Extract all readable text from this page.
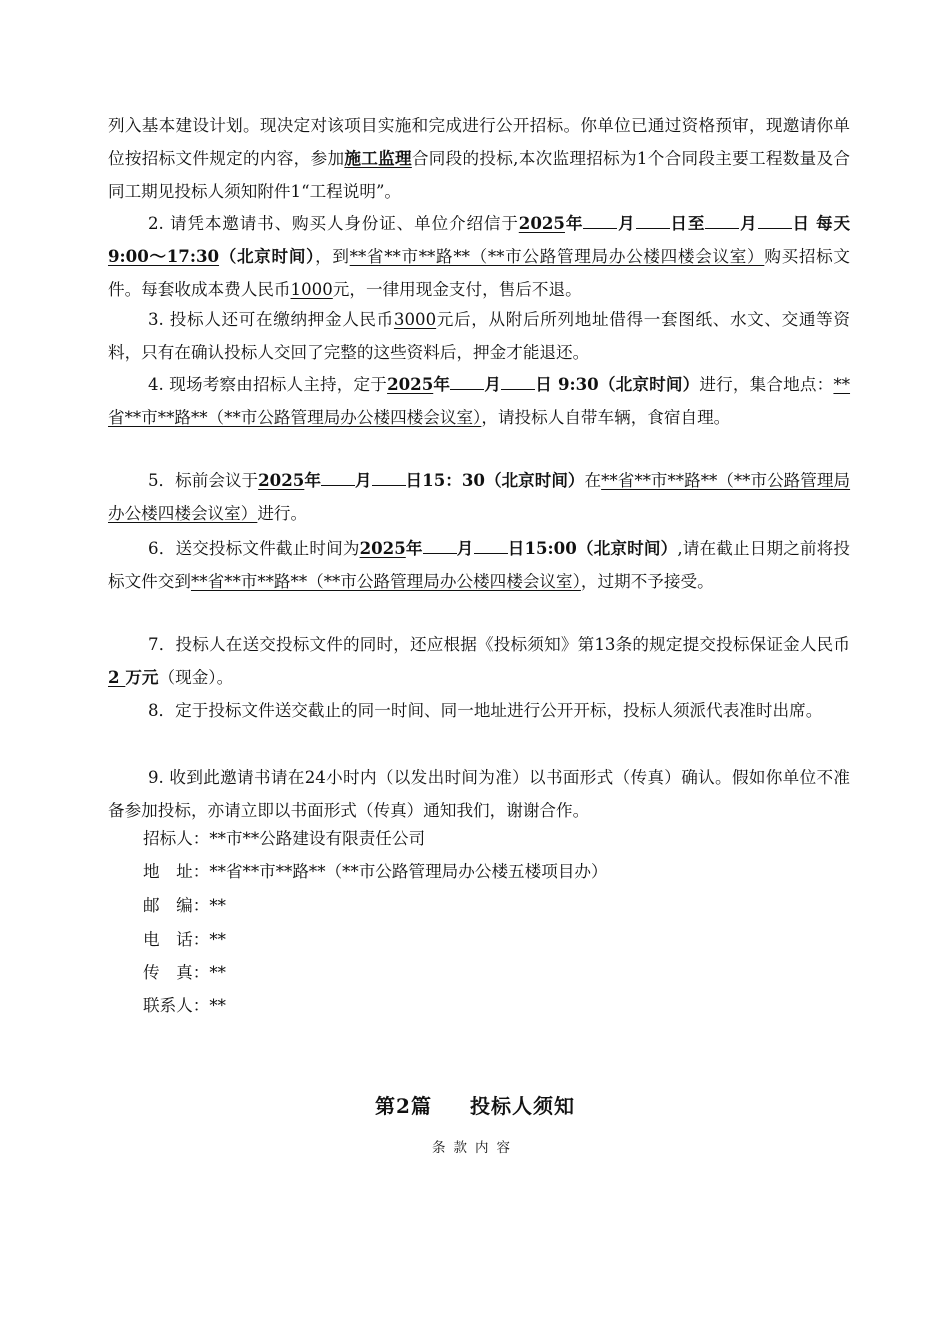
列入基本建设计划。现决定对该项目实施和完成进行公开招标。你单位已通过资格预审，现邀请你单位按招标文件规定的内容，参加施工监理合同段的投标,本次监理招标为1个合同段主要工程数量及合同工期见投标人须知附件1“工程说明”。

2. 请凭本邀请书、购买人身份证、单位介绍信于2025年 月 日至 月 日 每天9:00～17:30（北京时间），到**省**市**路**（**市公路管理局办公楼四楼会议室）购买招标文件。每套收成本费人民币1000元，一律用现金支付，售后不退。

3. 投标人还可在缴纳押金人民币3000元后，从附后所列地址借得一套图纸、水文、交通等资料，只有在确认投标人交回了完整的这些资料后，押金才能退还。

4. 现场考察由招标人主持，定于2025年 月 日 9:30（北京时间）进行，集合地点：**省**市**路**（**市公路管理局办公楼四楼会议室），请投标人自带车辆，食宿自理。

5．标前会议于2025年 月 日15：30（北京时间）在**省**市**路**（**市公路管理局办公楼四楼会议室）进行。

6．送交投标文件截止时间为2025年 月 日15:00（北京时间）,请在截止日期之前将投标文件交到**省**市**路**（**市公路管理局办公楼四楼会议室），过期不予接受。

7．投标人在送交投标文件的同时，还应根据《投标须知》第13条的规定提交投标保证金人民币 2 万元（现金）。

8．定于投标文件送交截止的同一时间、同一地址进行公开开标，投标人须派代表准时出席。

9. 收到此邀请书请在24小时内（以发出时间为准）以书面形式（传真）确认。假如你单位不准备参加投标，亦请立即以书面形式（传真）通知我们，谢谢合作。

招标人：**市**公路建设有限责任公司
地　址：**省**市**路**（**市公路管理局办公楼五楼项目办）
邮　编：**
电　话：**
传　真：**
联系人：**
第2篇 投标人须知
条款内容
